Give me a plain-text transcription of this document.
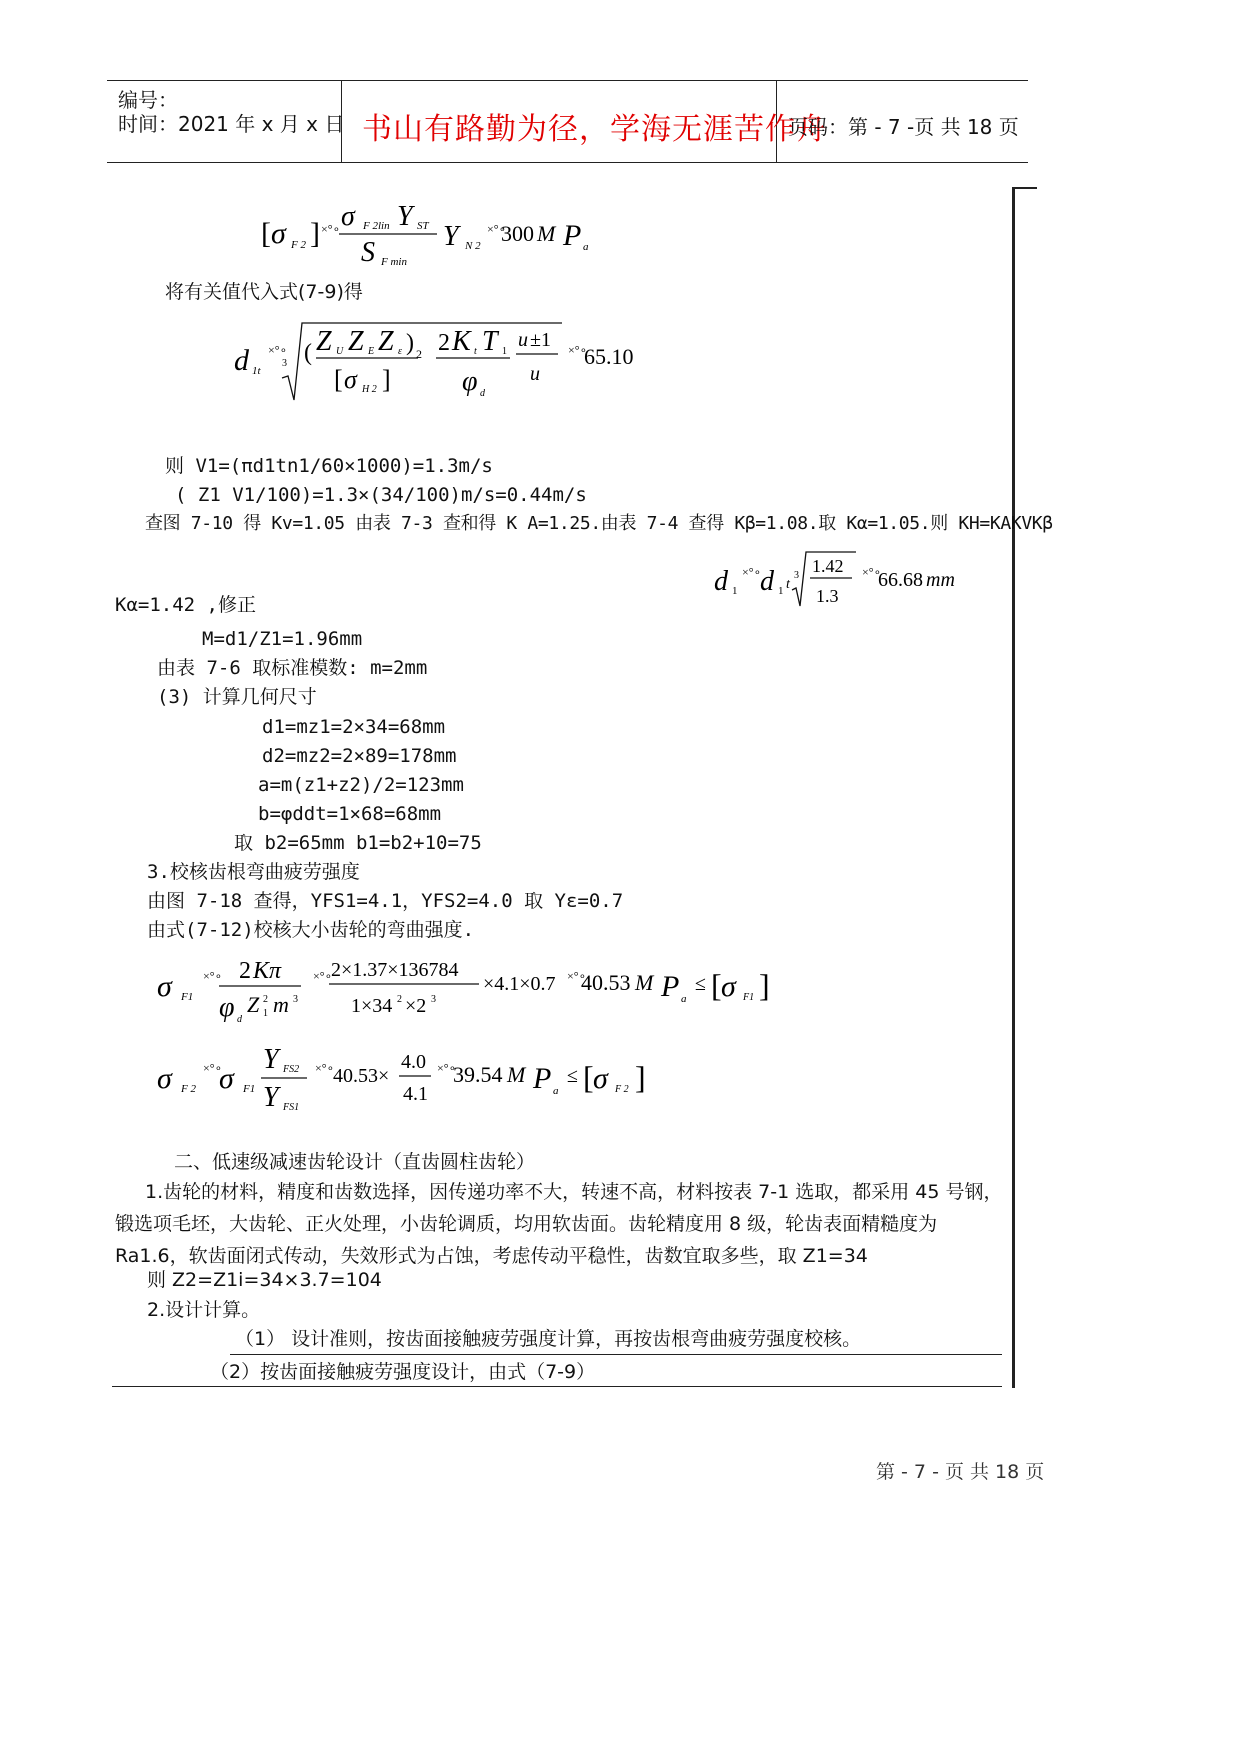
编号：
时间：2021 年 x 月 x 日 书山有路勤为径，学海无涯苦作舟
页码：第 - 7 -页 共 18 页
[ σ F 2 ] ×°∘ σ F 2lin Y ST
S F min
Y N 2
×°∘
300 M P a
将有关值代入式(7-9)得
d 1t
×°∘
3 ( Z U Z E Z ε )
[ σ H 2 ]
2 2 K t T 1
φ d
u ±1
u
×°∘
65.10
则 V1=(πd1tn1/60×1000)=1.3m/s
( Z1 V1/100)=1.3×(34/100)m/s=0.44m/s
查图 7-10 得 Kv=1.05 由表 7-3 查和得 K A=1.25.由表 7-4 查得 Kβ=1.08.取 Kα=1.05.则 KH=KAKVKβ
d 1
×°∘
d 1 t
3 1.42
1.3
×°∘
66.68 mm
Kα=1.42 ,修正
M=d1/Z1=1.96mm
由表 7-6 取标准模数: m=2mm
(3) 计算几何尺寸
d1=mz1=2×34=68mm
d2=mz2=2×89=178mm
a=m(z1+z2)/2=123mm
b=φddt=1×68=68mm
取 b2=65mm b1=b2+10=75
3.校核齿根弯曲疲劳强度
由图 7-18 查得，YFS1=4.1，YFS2=4.0 取 Yε=0.7
由式(7-12)校核大小齿轮的弯曲强度.
σ F1
×°∘ 2 Kπ
φ d
Z 2
1 m 3
×°∘
2×1.37×136784
1×34 2 ×2 3
×4.1×0.7 ×°∘
40.53 M P a
≤ [ σ F1 ]
σ F 2
×°∘
σ F1
Y FS2
Y FS1
×°∘
40.53×
4.0
4.1
×°∘
39.54 M P a
≤ [ σ F 2 ]
二、低速级减速齿轮设计（直齿圆柱齿轮）
1.齿轮的材料，精度和齿数选择，因传递功率不大，转速不高，材料按表 7-1 选取，都采用 45 号钢，锻选项毛坯，大齿轮、正火处理，小齿轮调质，均用软齿面。齿轮精度用 8 级，轮齿表面精糙度为 Ra1.6，软齿面闭式传动，失效形式为占蚀，考虑传动平稳性，齿数宜取多些，取 Z1=34
则 Z2=Z1i=34×3.7=104
2.设计计算。
（1） 设计准则，按齿面接触疲劳强度计算，再按齿根弯曲疲劳强度校核。
（2）按齿面接触疲劳强度设计，由式（7-9）
第 - 7 - 页 共 18 页
